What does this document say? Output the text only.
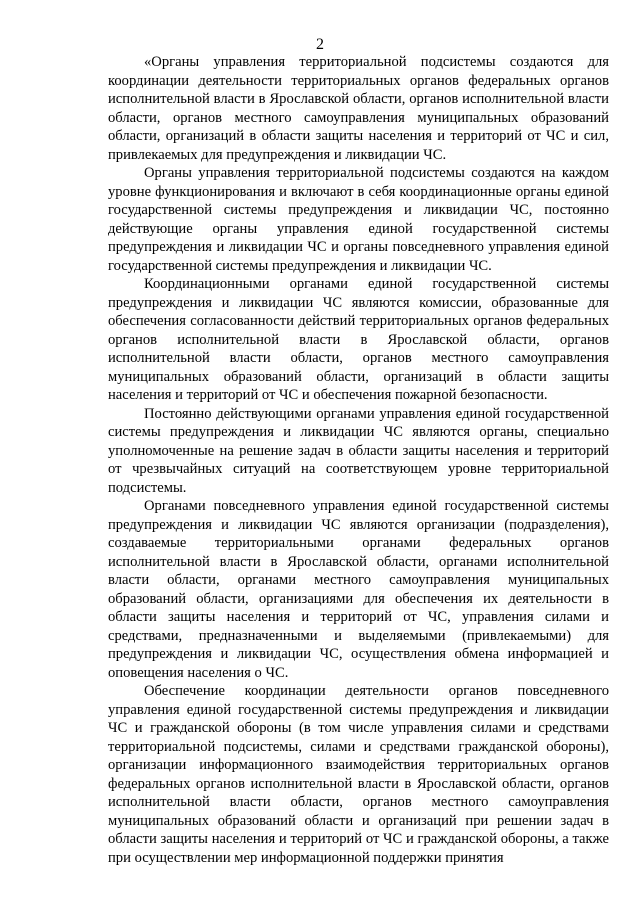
2

«Органы управления территориальной подсистемы создаются для координации деятельности территориальных органов федеральных органов исполнительной власти в Ярославской области, органов исполнительной власти области, органов местного самоуправления муниципальных образований области, организаций в области защиты населения и территорий от ЧС и сил, привлекаемых для предупреждения и ликвидации ЧС.

Органы управления территориальной подсистемы создаются на каждом уровне функционирования и включают в себя координационные органы единой государственной системы предупреждения и ликвидации ЧС, постоянно действующие органы управления единой государственной системы предупреждения и ликвидации ЧС и органы повседневного управления единой государственной системы предупреждения и ликвидации ЧС.

Координационными органами единой государственной системы предупреждения и ликвидации ЧС являются комиссии, образованные для обеспечения согласованности действий территориальных органов федеральных органов исполнительной власти в Ярославской области, органов исполнительной власти области, органов местного самоуправления муниципальных образований области, организаций в области защиты населения и территорий от ЧС и обеспечения пожарной безопасности.

Постоянно действующими органами управления единой государственной системы предупреждения и ликвидации ЧС являются органы, специально уполномоченные на решение задач в области защиты населения и территорий от чрезвычайных ситуаций на соответствующем уровне территориальной подсистемы.

Органами повседневного управления единой государственной системы предупреждения и ликвидации ЧС являются организации (подразделения), создаваемые территориальными органами федеральных органов исполнительной власти в Ярославской области, органами исполнительной власти области, органами местного самоуправления муниципальных образований области, организациями для обеспечения их деятельности в области защиты населения и территорий от ЧС, управления силами и средствами, предназначенными и выделяемыми (привлекаемыми) для предупреждения и ликвидации ЧС, осуществления обмена информацией и оповещения населения о ЧС.

Обеспечение координации деятельности органов повседневного управления единой государственной системы предупреждения и ликвидации ЧС и гражданской обороны (в том числе управления силами и средствами территориальной подсистемы, силами и средствами гражданской обороны), организации информационного взаимодействия территориальных органов федеральных органов исполнительной власти в Ярославской области, органов исполнительной власти области, органов местного самоуправления муниципальных образований области и организаций при решении задач в области защиты населения и территорий от ЧС и гражданской обороны, а также при осуществлении мер информационной поддержки принятия
